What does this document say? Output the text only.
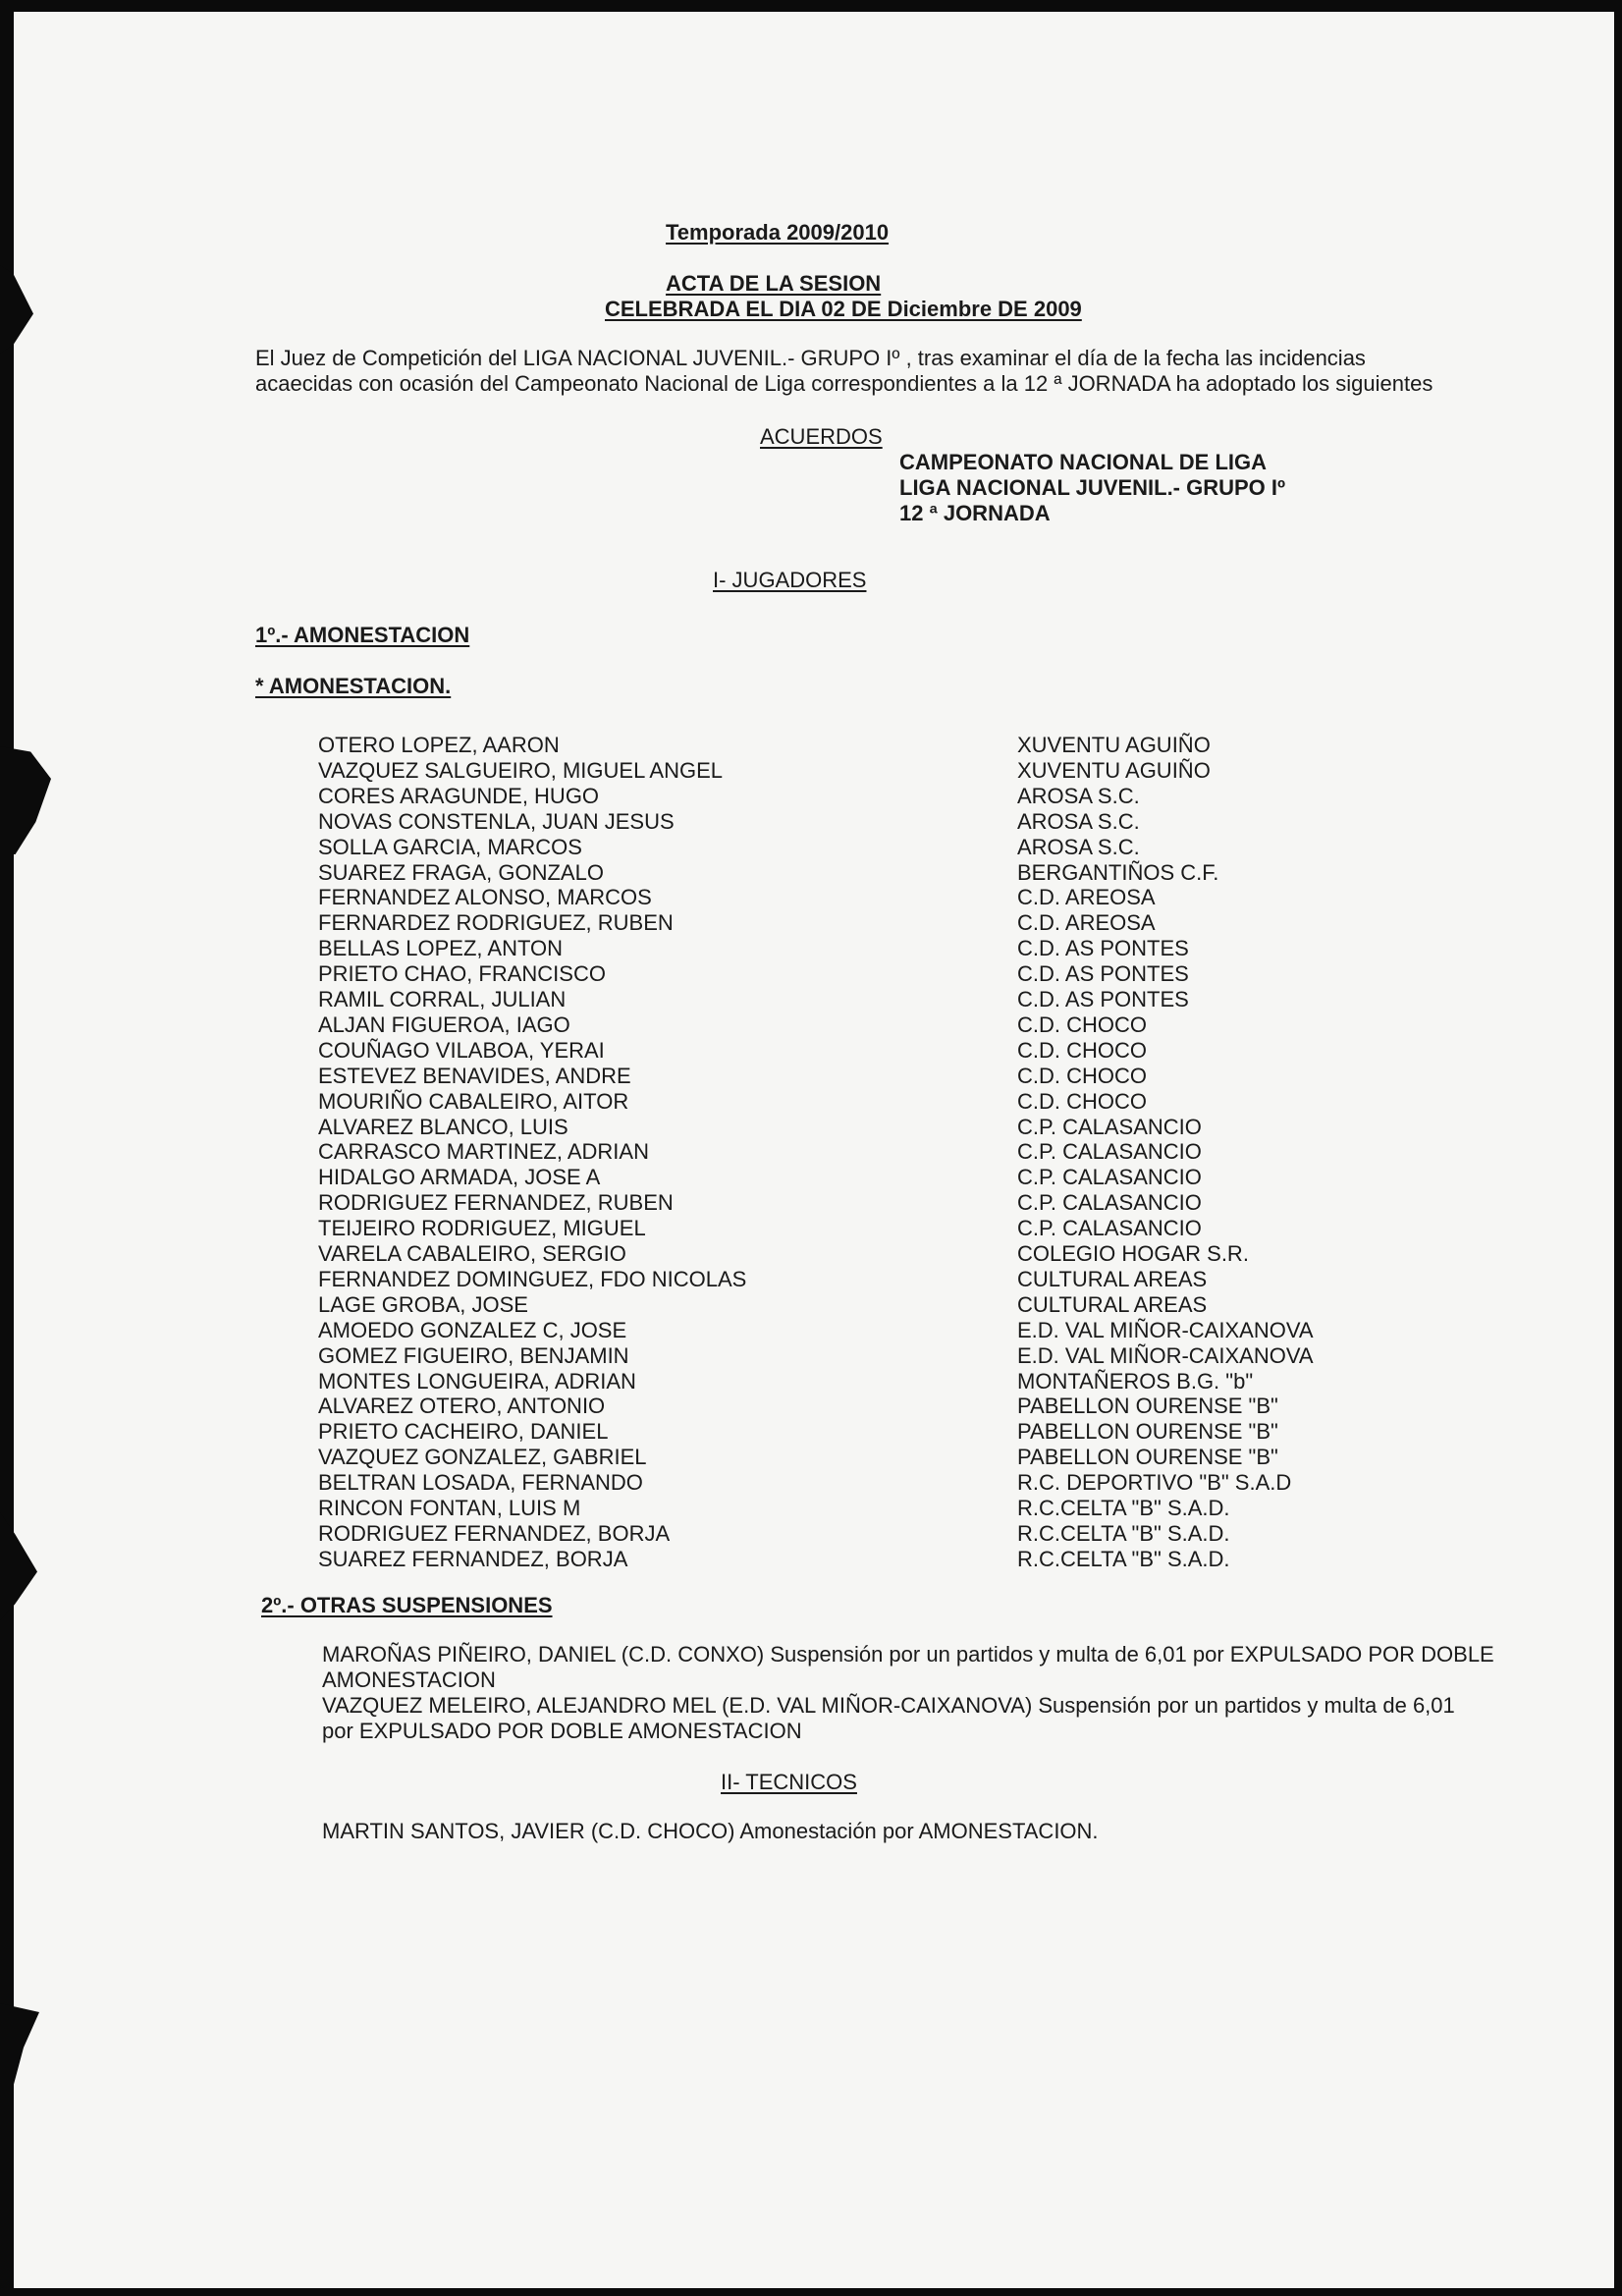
Temporada 2009/2010

ACTA DE LA SESION

CELEBRADA EL DIA 02 DE Diciembre DE 2009

El Juez de Competición del LIGA NACIONAL JUVENIL.- GRUPO Iº , tras examinar el día de la fecha las incidencias

acaecidas con ocasión del Campeonato Nacional de Liga correspondientes a la 12 ª JORNADA ha adoptado los siguientes

ACUERDOS

CAMPEONATO NACIONAL DE LIGA

LIGA NACIONAL JUVENIL.- GRUPO Iº

12 ª JORNADA

I- JUGADORES

1º.- AMONESTACION

* AMONESTACION.

OTERO LOPEZ, AARON	XUVENTU AGUIÑO
VAZQUEZ SALGUEIRO, MIGUEL ANGEL	XUVENTU AGUIÑO
CORES ARAGUNDE, HUGO	AROSA S.C.
NOVAS CONSTENLA, JUAN JESUS	AROSA S.C.
SOLLA GARCIA, MARCOS	AROSA S.C.
SUAREZ FRAGA, GONZALO	BERGANTIÑOS C.F.
FERNANDEZ ALONSO, MARCOS	C.D. AREOSA
FERNARDEZ RODRIGUEZ, RUBEN	C.D. AREOSA
BELLAS LOPEZ, ANTON	C.D. AS PONTES
PRIETO CHAO, FRANCISCO	C.D. AS PONTES
RAMIL CORRAL, JULIAN	C.D. AS PONTES
ALJAN FIGUEROA, IAGO	C.D. CHOCO
COUÑAGO VILABOA, YERAI	C.D. CHOCO
ESTEVEZ BENAVIDES, ANDRE	C.D. CHOCO
MOURIÑO CABALEIRO, AITOR	C.D. CHOCO
ALVAREZ BLANCO, LUIS	C.P. CALASANCIO
CARRASCO MARTINEZ, ADRIAN	C.P. CALASANCIO
HIDALGO ARMADA, JOSE A	C.P. CALASANCIO
RODRIGUEZ FERNANDEZ, RUBEN	C.P. CALASANCIO
TEIJEIRO RODRIGUEZ, MIGUEL	C.P. CALASANCIO
VARELA CABALEIRO, SERGIO	COLEGIO HOGAR S.R.
FERNANDEZ DOMINGUEZ, FDO NICOLAS	CULTURAL AREAS
LAGE GROBA, JOSE	CULTURAL AREAS
AMOEDO GONZALEZ C, JOSE	E.D. VAL MIÑOR-CAIXANOVA
GOMEZ FIGUEIRO, BENJAMIN	E.D. VAL MIÑOR-CAIXANOVA
MONTES LONGUEIRA, ADRIAN	MONTAÑEROS B.G. "b"
ALVAREZ OTERO, ANTONIO	PABELLON OURENSE "B"
PRIETO CACHEIRO, DANIEL	PABELLON OURENSE "B"
VAZQUEZ GONZALEZ, GABRIEL	PABELLON OURENSE "B"
BELTRAN LOSADA, FERNANDO	R.C. DEPORTIVO "B" S.A.D
RINCON FONTAN, LUIS M	R.C.CELTA "B" S.A.D.
RODRIGUEZ FERNANDEZ, BORJA	R.C.CELTA "B" S.A.D.
SUAREZ FERNANDEZ, BORJA	R.C.CELTA "B" S.A.D.

2º.- OTRAS SUSPENSIONES

MAROÑAS PIÑEIRO, DANIEL (C.D. CONXO) Suspensión por un partidos y multa de 6,01 por EXPULSADO POR DOBLE
AMONESTACION

VAZQUEZ MELEIRO, ALEJANDRO MEL (E.D. VAL MIÑOR-CAIXANOVA) Suspensión por un partidos y multa de 6,01
por EXPULSADO POR DOBLE AMONESTACION

II- TECNICOS

MARTIN SANTOS, JAVIER (C.D. CHOCO) Amonestación por AMONESTACION.
